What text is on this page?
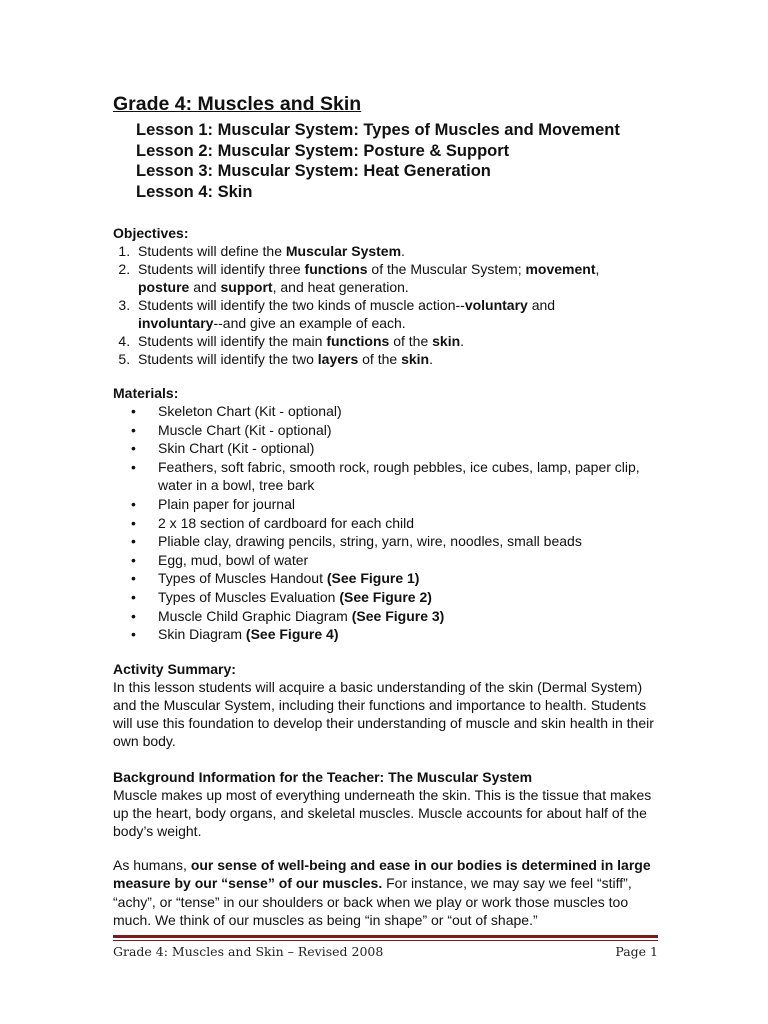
Grade 4: Muscles and Skin
Lesson 1: Muscular System: Types of Muscles and Movement
Lesson 2: Muscular System: Posture & Support
Lesson 3: Muscular System: Heat Generation
Lesson 4: Skin
Objectives:
1. Students will define the Muscular System.
2. Students will identify three functions of the Muscular System; movement,
posture and support, and heat generation.
3. Students will identify the two kinds of muscle action--voluntary and
involuntary--and give an example of each.
4. Students will identify the main functions of the skin.
5. Students will identify the two layers of the skin.
Materials:
• Skeleton Chart (Kit - optional)
• Muscle Chart (Kit - optional)
• Skin Chart (Kit - optional)
• Feathers, soft fabric, smooth rock, rough pebbles, ice cubes, lamp, paper clip, water in a bowl, tree bark
• Plain paper for journal
• 2 x 18 section of cardboard for each child
• Pliable clay, drawing pencils, string, yarn, wire, noodles, small beads
• Egg, mud, bowl of water
• Types of Muscles Handout (See Figure 1)
• Types of Muscles Evaluation (See Figure 2)
• Muscle Child Graphic Diagram (See Figure 3)
• Skin Diagram (See Figure 4)
Activity Summary:

In this lesson students will acquire a basic understanding of the skin (Dermal System) and the Muscular System, including their functions and importance to health. Students will use this foundation to develop their understanding of muscle and skin health in their own body.

Background Information for the Teacher: The Muscular System

Muscle makes up most of everything underneath the skin. This is the tissue that makes up the heart, body organs, and skeletal muscles. Muscle accounts for about half of the body’s weight.

As humans, our sense of well-being and ease in our bodies is determined in large measure by our “sense” of our muscles. For instance, we may say we feel “stiff”, “achy”, or “tense” in our shoulders or back when we play or work those muscles too much. We think of our muscles as being “in shape” or “out of shape.”

Grade 4: Muscles and Skin – Revised 2008	Page 1
